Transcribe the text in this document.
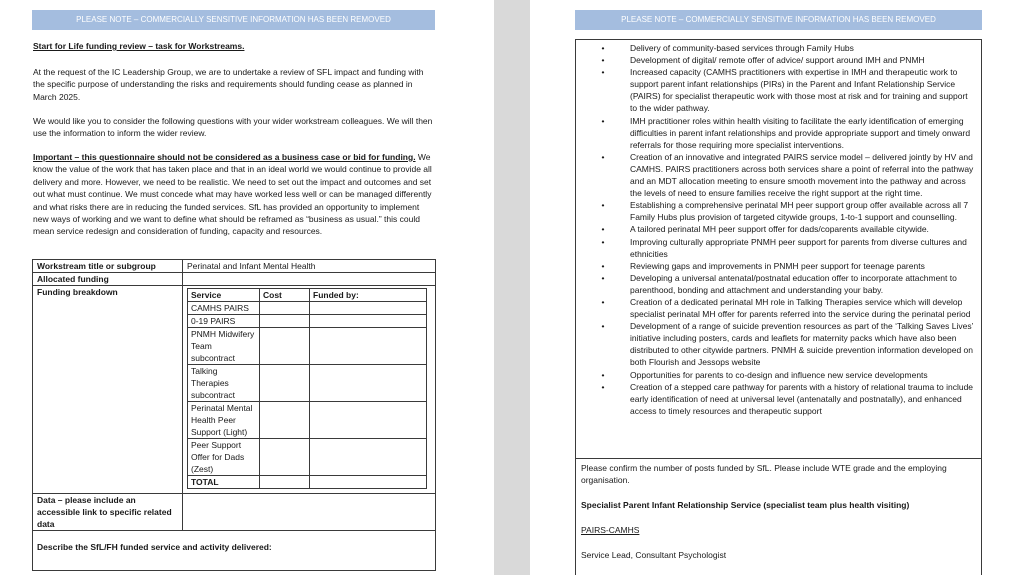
PLEASE NOTE – COMMERCIALLY SENSITIVE INFORMATION HAS BEEN REMOVED
Start for Life funding review – task for Workstreams.

At the request of the IC Leadership Group, we are to undertake a review of SFL impact and funding with the specific purpose of understanding the risks and requirements should funding cease as planned in March 2025.

We would like you to consider the following questions with your wider workstream colleagues. We will then use the information to inform the wider review.

Important – this questionnaire should not be considered as a business case or bid for funding. We know the value of the work that has taken place and that in an ideal world we would continue to provide all delivery and more. However, we need to be realistic. We need to set out the impact and outcomes and set out what must continue. We must concede what may have worked less well or can be managed differently and what risks there are in reducing the funded services. SfL has provided an opportunity to implement new ways of working and we want to define what should be reframed as “business as usual.” this could mean service redesign and consideration of funding, capacity and resources.

Workstream title or subgroup	Perinatal and Infant Mental Health
Allocated funding	
Funding breakdown		Service	Cost	Funded by:
CAMHS PAIRS		
0-19 PAIRS		
PNMH Midwifery Team subcontract		
Talking Therapies subcontract		
Perinatal Mental Health Peer Support (Light)		
Peer Support Offer for Dads (Zest)		
TOTAL		

Data – please include an accessible link to specific related data	
Describe the SfL/FH funded service and activity delivered:
PLEASE NOTE – COMMERCIALLY SENSITIVE INFORMATION HAS BEEN REMOVED
•	Delivery of community-based services through Family Hubs
•	Development of digital/ remote offer of advice/ support around IMH and PNMH
•	Increased capacity (CAMHS practitioners with expertise in IMH and therapeutic work to support parent infant relationships (PIRs) in the Parent and Infant Relationship Service (PAIRS) for specialist therapeutic work with those most at risk and for training and support to the wider pathway.
•	IMH practitioner roles within health visiting to facilitate the early identification of emerging difficulties in parent infant relationships and provide appropriate support and timely onward referrals for those requiring more specialist interventions.
•	Creation of an innovative and integrated PAIRS service model – delivered jointly by HV and CAMHS. PAIRS practitioners across both services share a point of referral into the pathway and an MDT allocation meeting to ensure smooth movement into the pathway and across the levels of need to ensure families receive the right support at the right time.
•	Establishing a comprehensive perinatal MH peer support group offer available across all 7 Family Hubs plus provision of targeted citywide groups, 1-to-1 support and counselling.
•	A tailored perinatal MH peer support offer for dads/coparents available citywide.
•	Improving culturally appropriate PNMH peer support for parents from diverse cultures and ethnicities
•	Reviewing gaps and improvements in PNMH peer support for teenage parents
•	Developing a universal antenatal/postnatal education offer to incorporate attachment to parenthood, bonding and attachment and understanding your baby.
•	Creation of a dedicated perinatal MH role in Talking Therapies service which will develop specialist perinatal MH offer for parents referred into the service during the perinatal period
•	Development of a range of suicide prevention resources as part of the ‘Talking Saves Lives’ initiative including posters, cards and leaflets for maternity packs which have also been distributed to other citywide partners. PNMH & suicide prevention information developed on both Flourish and Jessops website
•	Opportunities for parents to co-design and influence new service developments
•	Creation of a stepped care pathway for parents with a history of relational trauma to include early identification of need at universal level (antenatally and postnatally), and enhanced access to timely resources and therapeutic support

Please confirm the number of posts funded by SfL. Please include WTE grade and the employing organisation.

Specialist Parent Infant Relationship Service (specialist team plus health visiting)

PAIRS-CAMHS

Service Lead, Consultant Psychologist
